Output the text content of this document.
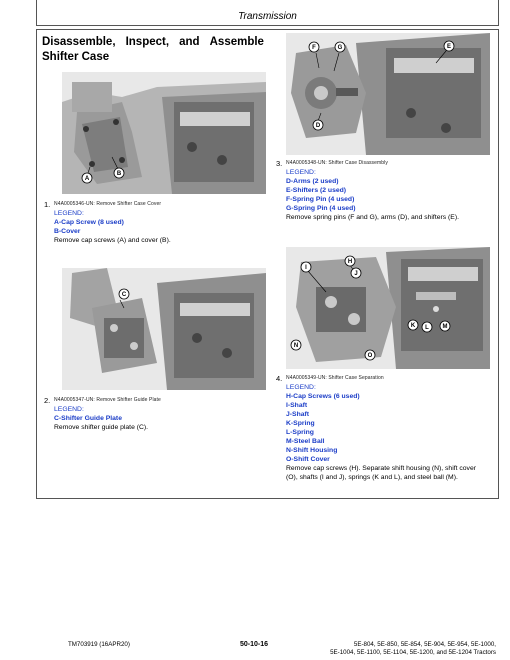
Transmission
Disassemble, Inspect, and Assemble
Shifter Case
A
B
1. N4A0005346-UN: Remove Shifter Case Cover
LEGEND:
A-Cap Screw (8 used)
B-Cover
Remove cap screws (A) and cover (B).
C
2. N4A0005347-UN: Remove Shifter Guide Plate
LEGEND:
C-Shifter Guide Plate
Remove shifter guide plate (C).
F	G
D
E
3. N4A0005348-UN: Shifter Case Disassembly
LEGEND:
D-Arms (2 used)
E-Shifters (2 used)
F-Spring Pin (4 used)
G-Spring Pin (4 used)
Remove spring pins (F and G), arms (D), and shifters (E).
I
H
J
K L M
N
O
4. N4A0005349-UN: Shifter Case Separation
LEGEND:
H-Cap Screws (6 used)
I-Shaft
J-Shaft
K-Spring
L-Spring
M-Steel Ball
N-Shift Housing
O-Shift Cover
Remove cap screws (H). Separate shift housing (N), shift cover
(O), shafts (I and J), springs (K and L), and steel ball (M).
TM703919 (16APR20)	50-10-16	5E-804, 5E-850, 5E-854, 5E-904, 5E-954, 5E-1000,
5E-1004, 5E-1100, 5E-1104, 5E-1200, and 5E-1204 Tractors
